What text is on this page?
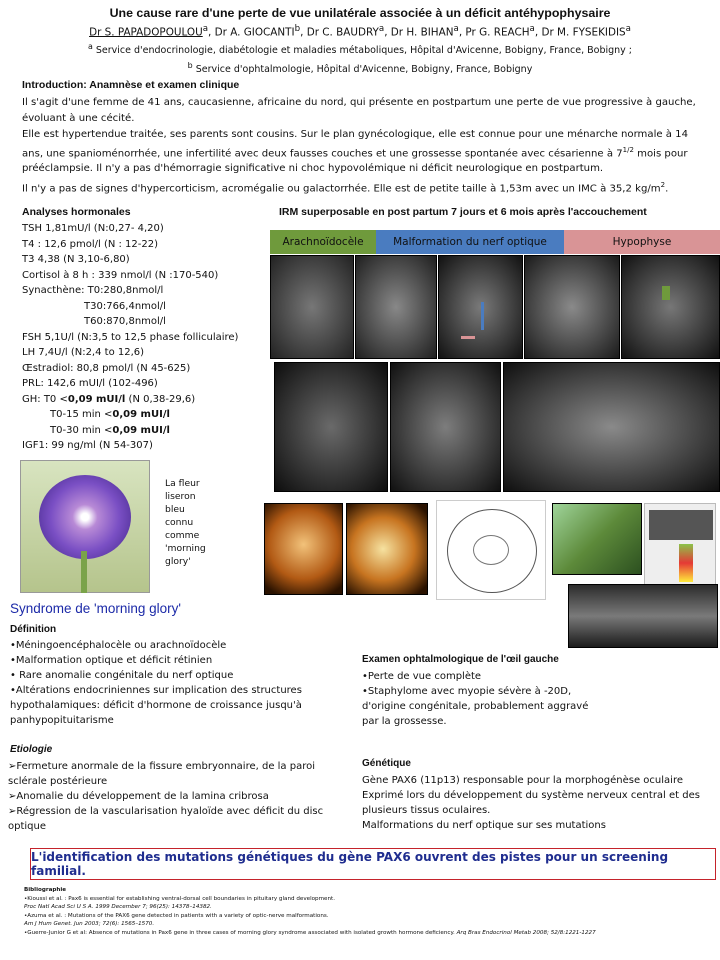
Une cause rare d'une perte de vue unilatérale associée à un déficit antéhypophysaire
Dr S. PAPADOPOULOU$^a$, Dr A. GIOCANTI$^b$, Dr C. BAUDRY$^a$, Dr H. BIHAN$^a$, Pr G. REACH$^a$, Dr M. FYSEKIDIS$^a$
$^a$ Service d'endocrinologie, diabétologie et maladies métaboliques, Hôpital d'Avicenne, Bobigny, France, Bobigny ;
$^b$ Service d'ophtalmologie, Hôpital d'Avicenne, Bobigny, France, Bobigny
Introduction: Anamnèse et examen clinique

Il s'agit d'une femme de 41 ans, caucasienne, africaine du nord, qui présente en postpartum une perte de vue progressive à gauche, évoluant à une cécité.

Elle est hypertendue traitée, ses parents sont cousins. Sur le plan gynécologique, elle est connue pour une ménarche normale à 14 ans, une spanioménorrhée, une infertilité avec deux fausses couches et une grossesse spontanée avec césarienne à $7^{1/2}$ mois pour prééclampsie. Il n'y a pas d'hémorragie significative ni choc hypovolémique ni déficit neurologique en postpartum.

Il n'y a pas de signes d'hypercorticism, acromégalie ou galactorrhée. Elle est de petite taille à 1,53m avec un IMC à 35,2 $kg/m^2$.

Analyses hormonales
TSH 1,81mU/l (N:0,27- 4,20)
T4 : 12,6 pmol/l (N : 12-22)
T3 4,38 (N 3,10-6,80)
Cortisol à 8 h : 339 nmol/l (N :170-540)
Synacthène: T0:280,8nmol/l
T30:766,4nmol/l
T60:870,8nmol/l
FSH 5,1U/l (N:3,5 to 12,5 phase folliculaire)
LH 7,4U/l (N:2,4 to 12,6)
Œstradiol: 80,8 pmol/l (N 45-625)
PRL: 142,6 mUI/l (102-496)
GH: T0 <0,09 mUI/l (N 0,38-29,6)
T0-15 min <0,09 mUI/l
T0-30 min <0,09 mUI/l
IGF1: 99 ng/ml (N 54-307)
IRM superposable en post partum 7 jours et 6 mois après l'accouchement
Arachnoïdocèle	Malformation du nerf optique	Hypophyse
La fleur liseron bleu connu comme 'morning glory'
Syndrome de 'morning glory'
Définition
•Méningoencéphalocèle ou arachnoïdocèle
•Malformation optique et déficit rétinien
• Rare anomalie congénitale du nerf optique
•Altérations endocriniennes sur implication des structures hypothalamiques: déficit d'hormone de croissance jusqu'à panhypopituitarisme
Etiologie
➢Fermeture anormale de la fissure embryonnaire, de la paroi sclérale postérieure
➢Anomalie du développement de la lamina cribrosa
➢Régression de la vascularisation hyaloïde avec déficit du disc optique
Examen ophtalmologique de l'œil gauche
•Perte de vue complète
•Staphylome avec myopie sévère à -20D,
d'origine congénitale, probablement aggravé
par la grossesse.
Génétique
Gène PAX6 (11p13) responsable pour la morphogénèse oculaire
Exprimé lors du développement du système nerveux central et des plusieurs tissus oculaires.
Malformations du nerf optique sur ses mutations
L'identification des mutations génétiques du gène PAX6 ouvrent des pistes pour un screening familial.
Bibliographie
•Kioussi et al. : Pax6 is essential for establishing ventral-dorsal cell boundaries in pituitary gland development.
Proc Natl Acad Sci U S A. 1999 December 7; 96(25): 14378–14382.
•Azuma et al. : Mutations of the PAX6 gene detected in patients with a variety of optic-nerve malformations.
Am J Hum Genet. Jun 2003; 72(6): 1565–1570.
•Guerre-Junior G et al: Absence of mutations in Pax6 gene in three cases of morning glory syndrome associated with isolated growth hormone deficiency. Arq Bras Endocrinol Metab 2008; 52/8:1221-1227
